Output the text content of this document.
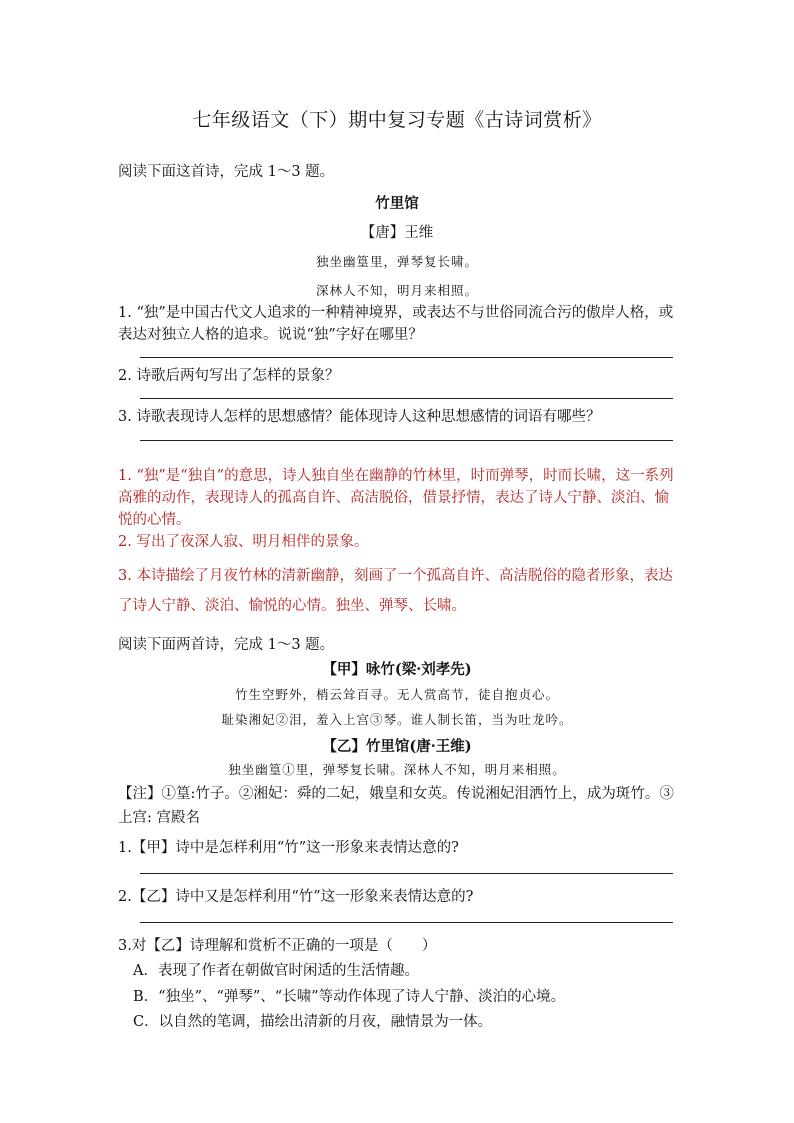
七年级语文（下）期中复习专题《古诗词赏析》
阅读下面这首诗，完成 1～3 题。
竹里馆
【唐】王维
独坐幽篁里，弹琴复长啸。
深林人不知，明月来相照。
1. “独”是中国古代文人追求的一种精神境界，或表达不与世俗同流合污的傲岸人格，或表达对独立人格的追求。说说“独”字好在哪里？
2. 诗歌后两句写出了怎样的景象？
3. 诗歌表现诗人怎样的思想感情？能体现诗人这种思想感情的词语有哪些？
1. “独”是“独自”的意思，诗人独自坐在幽静的竹林里，时而弹琴，时而长啸，这一系列高雅的动作，表现诗人的孤高自许、高洁脱俗，借景抒情，表达了诗人宁静、淡泊、愉悦的心情。
2. 写出了夜深人寂、明月相伴的景象。
3. 本诗描绘了月夜竹林的清新幽静，刻画了一个孤高自许、高洁脱俗的隐者形象，表达了诗人宁静、淡泊、愉悦的心情。独坐、弹琴、长啸。
阅读下面两首诗，完成 1～3 题。
【甲】咏竹(梁·刘孝先)
竹生空野外，梢云耸百寻。无人赏高节，徒自抱贞心。
耻染湘妃②泪，羞入上宫③琴。谁人制长笛，当为吐龙吟。
【乙】竹里馆(唐·王维)
独坐幽篁①里，弹琴复长啸。深林人不知，明月来相照。
【注】①篁:竹子。②湘妃：舜的二妃，娥皇和女英。传说湘妃泪洒竹上，成为斑竹。③上宫: 宫殿名
1.【甲】诗中是怎样利用“竹”这一形象来表情达意的?
2.【乙】诗中又是怎样利用“竹”这一形象来表情达意的?
3.对【乙】诗理解和赏析不正确的一项是（　　）
A．表现了作者在朝做官时闲适的生活情趣。
B．“独坐”、“弹琴”、“长啸”等动作体现了诗人宁静、淡泊的心境。
C．以自然的笔调，描绘出清新的月夜，融情景为一体。
